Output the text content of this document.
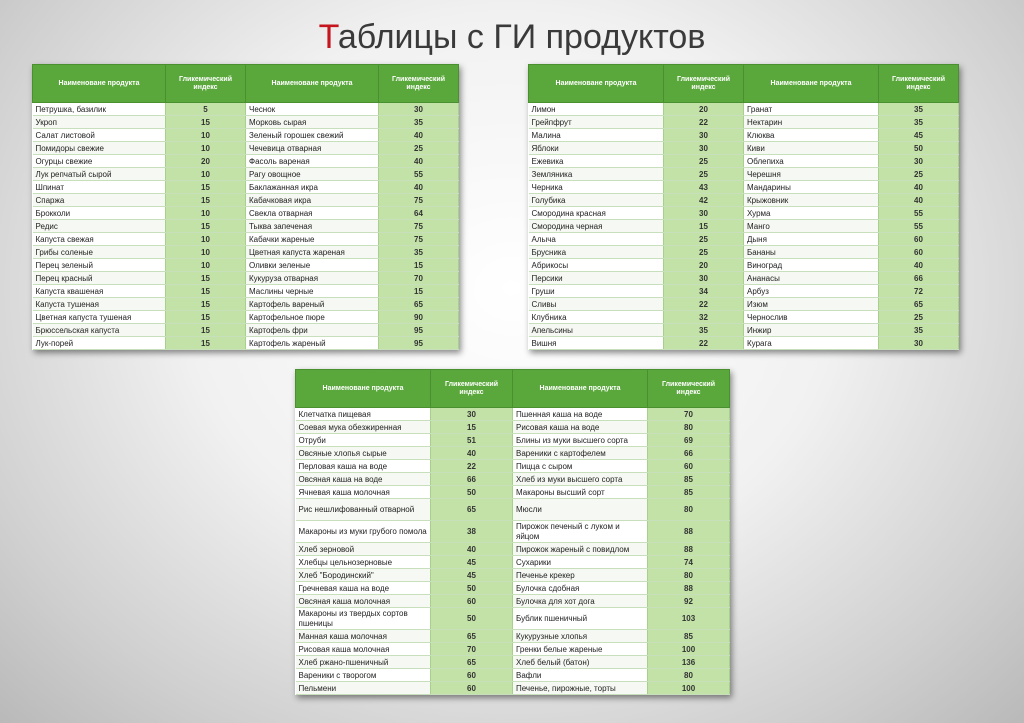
Таблицы с ГИ продуктов
Наименоване продукта	Гликемический индекс	Наименоване продукта	Гликемический индекс
Петрушка, базилик	5	Чеснок	30
Укроп	15	Морковь сырая	35
Салат листовой	10	Зеленый горошек свежий	40
Помидоры свежие	10	Чечевица отварная	25
Огурцы свежие	20	Фасоль вареная	40
Лук репчатый сырой	10	Рагу овощное	55
Шпинат	15	Баклажанная икра	40
Спаржа	15	Кабачковая икра	75
Брокколи	10	Свекла отварная	64
Редис	15	Тыква запеченая	75
Капуста свежая	10	Кабачки жареные	75
Грибы соленые	10	Цветная капуста жареная	35
Перец зеленый	10	Оливки зеленые	15
Перец красный	15	Кукуруза отварная	70
Капуста квашеная	15	Маслины черные	15
Капуста тушеная	15	Картофель вареный	65
Цветная капуста тушеная	15	Картофельное пюре	90
Брюссельская капуста	15	Картофель фри	95
Лук-порей	15	Картофель жареный	95
Наименоване продукта	Гликемический индекс	Наименоване продукта	Гликемический индекс
Лимон	20	Гранат	35
Грейпфрут	22	Нектарин	35
Малина	30	Клюква	45
Яблоки	30	Киви	50
Ежевика	25	Облепиха	30
Земляника	25	Черешня	25
Черника	43	Мандарины	40
Голубика	42	Крыжовник	40
Смородина красная	30	Хурма	55
Смородина черная	15	Манго	55
Алыча	25	Дыня	60
Брусника	25	Бананы	60
Абрикосы	20	Виноград	40
Персики	30	Ананасы	66
Груши	34	Арбуз	72
Сливы	22	Изюм	65
Клубника	32	Чернослив	25
Апельсины	35	Инжир	35
Вишня	22	Курага	30
Наименоване продукта	Гликемический индекс	Наименоване продукта	Гликемический индекс
Клетчатка пищевая	30	Пшенная каша на воде	70
Соевая мука обезжиренная	15	Рисовая каша на воде	80
Отруби	51	Блины из муки высшего сорта	69
Овсяные хлопья сырые	40	Вареники с картофелем	66
Перловая каша на воде	22	Пицца с сыром	60
Овсяная каша на воде	66	Хлеб из муки высшего сорта	85
Ячневая каша молочная	50	Макароны высший сорт	85
Рис нешлифованный отварной	65	Мюсли	80
Макароны из муки грубого помола	38	Пирожок печеный с луком и яйцом	88
Хлеб зерновой	40	Пирожок жареный с повидлом	88
Хлебцы цельнозерновые	45	Сухарики	74
Хлеб "Бородинский"	45	Печенье крекер	80
Гречневая каша на воде	50	Булочка сдобная	88
Овсяная каша молочная	60	Булочка для хот дога	92
Макароны из твердых сортов пшеницы	50	Бублик пшеничный	103
Манная каша молочная	65	Кукурузные хлопья	85
Рисовая каша молочная	70	Гренки белые жареные	100
Хлеб ржано-пшеничный	65	Хлеб белый (батон)	136
Вареники с творогом	60	Вафли	80
Пельмени	60	Печенье, пирожные, торты	100
